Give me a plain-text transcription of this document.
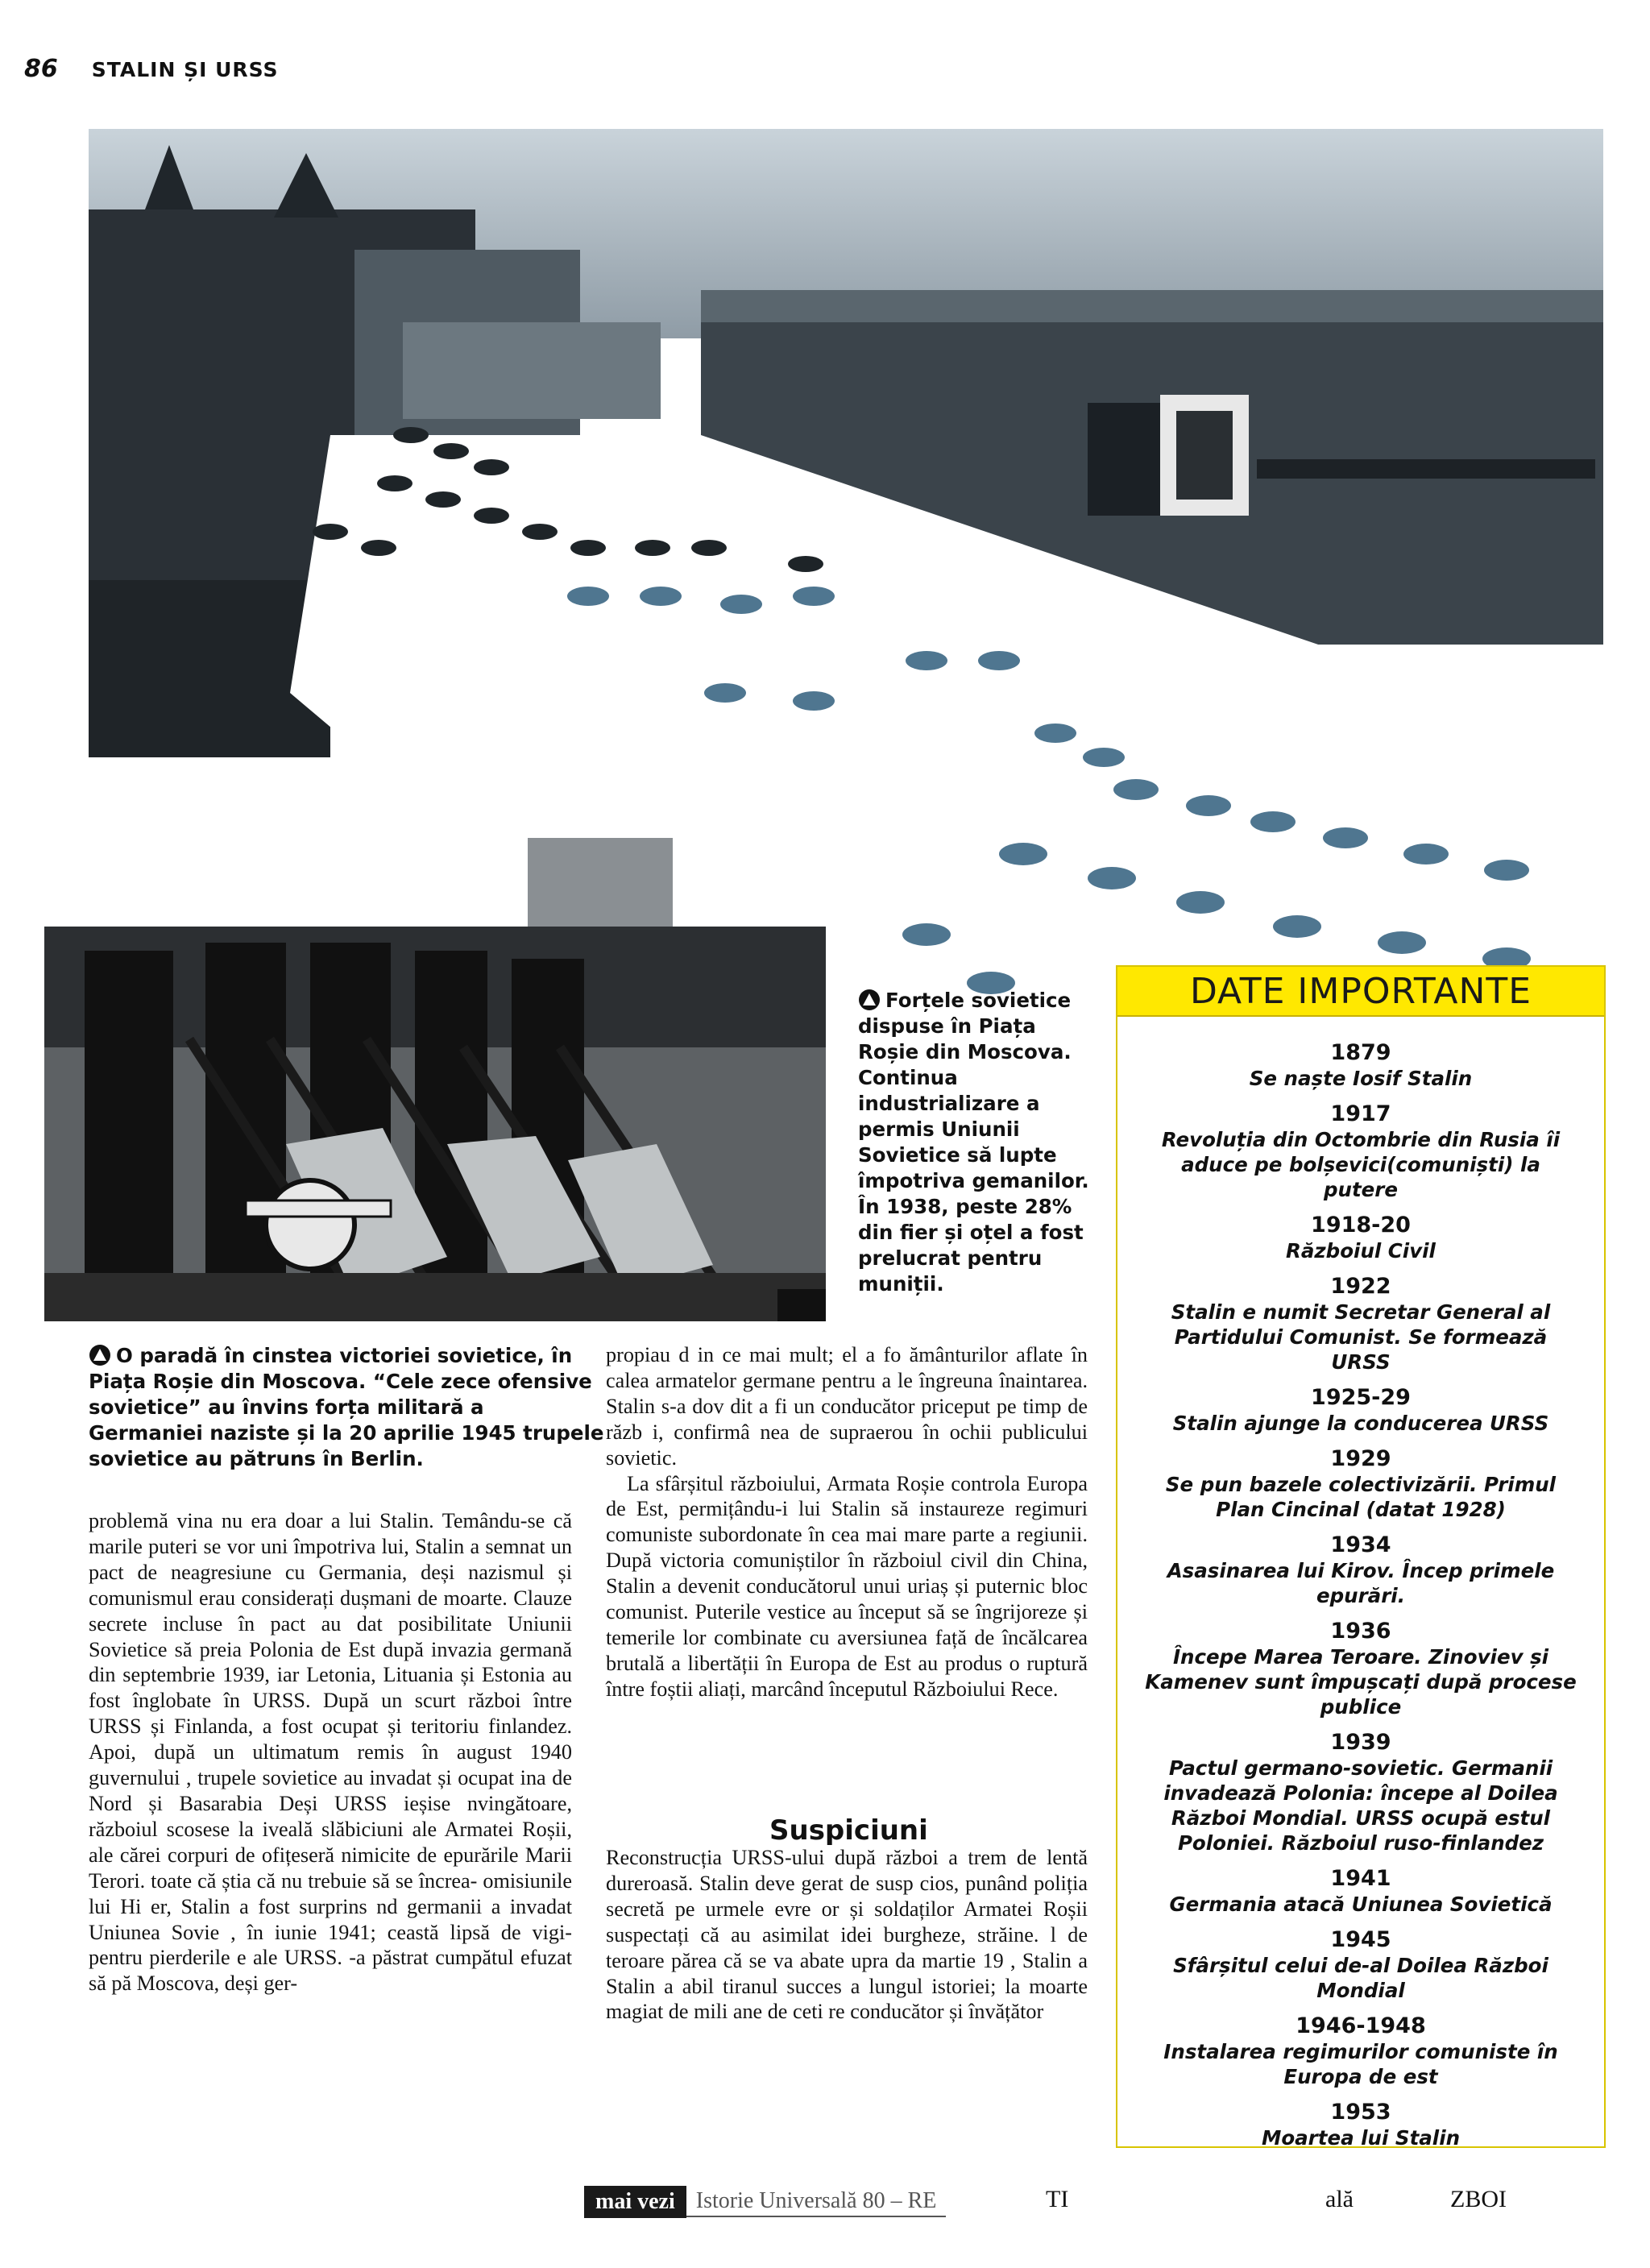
86 STALIN ȘI URSS
Forțele sovietice dispuse în Piața Roșie din Moscova. Continua industrializare a permis Uniunii Sovietice să lupte împotriva gemanilor. În 1938, peste 28% din fier și oțel a fost prelucrat pentru muniții.
O paradă în cinstea victoriei sovietice, în Piața Roșie din Moscova. “Cele zece ofensive sovietice” au învins forța militară a Germaniei naziste și la 20 aprilie 1945 trupele sovietice au pătruns în Berlin.

problemă vina nu era doar a lui Stalin. Temându-se că marile puteri se vor uni împotriva lui, Stalin a semnat un pact de neagresiune cu Germania, deși nazismul și comunismul erau considerați dușmani de moarte. Clauze secrete incluse în pact au dat posibilitate Uniunii Sovietice să preia Polonia de Est după invazia germană din septembrie 1939, iar Letonia, Lituania și Estonia au fost înglobate în URSS. După un scurt război între URSS și Finlanda, a fost ocupat și teritoriu finlandez. Apoi, după un ultimatum remis în august 1940 guvernului , trupele sovietice au invadat și ocupat ina de Nord și Basarabia Deși URSS ieșise nvingătoare, războiul scosese la iveală slăbiciuni ale Armatei Roșii, ale cărei corpuri de ofițeseră nimicite de epurările Marii Terori. toate că știa că nu trebuie să se încrea- omisiunile lui Hi er, Stalin a fost surprins nd germanii a invadat Uniunea Sovie , în iunie 1941; ceastă lipsă de vigi- pentru pierderile e ale URSS. -a păstrat cumpătul efuzat să pă Moscova, deși ger-

propiau d in ce mai mult; el a fo ământurilor aflate în calea armatelor germane pentru a le îngreuna înaintarea. Stalin s-a dov dit a fi un conducător priceput pe timp de răzb i, confirmâ nea de supraerou în ochii publicului sovietic.

La sfârșitul războiului, Armata Roșie controla Europa de Est, permițându-i lui Stalin să instaureze regimuri comuniste subordonate în cea mai mare parte a regiunii. După victoria comuniștilor în războiul civil din China, Stalin a devenit conducătorul unui uriaș și puternic bloc comunist. Puterile vestice au început să se îngrijoreze și temerile lor combinate cu aversiunea față de încălcarea brutală a libertății în Europa de Est au produs o ruptură între foștii aliați, marcând începutul Războiului Rece.

Suspiciuni

Reconstrucția URSS-ului după război a trem de lentă dureroasă. Stalin deve gerat de susp cios, punând poliția secretă pe urmele evre or și soldaților Armatei Roșii suspectați că au asimilat idei burgheze, străine. l de teroare părea că se va abate upra da martie 19 , Stalin a Stalin a abil tiranul succes a lungul istoriei; la moarte magiat de mili ane de ceti re conducător și învățător

DATE IMPORTANTE
1879
Se naște Iosif Stalin
1917
Revoluția din Octombrie din Rusia îi aduce pe bolșevici(comuniști) la putere
1918-20
Războiul Civil
1922
Stalin e numit Secretar General al Partidului Comunist. Se formează URSS
1925-29
Stalin ajunge la conducerea URSS
1929
Se pun bazele colectivizării. Primul Plan Cincinal (datat 1928)
1934
Asasinarea lui Kirov. Încep primele epurări.
1936
Începe Marea Teroare. Zinoviev și Kamenev sunt împușcați după procese publice
1939
Pactul germano-sovietic. Germanii invadează Polonia: începe al Doilea Război Mondial. URSS ocupă estul Poloniei. Războiul ruso-finlandez
1941
Germania atacă Uniunea Sovietică
1945
Sfârșitul celui de-al Doilea Război Mondial
1946-1948
Instalarea regimurilor comuniste în Europa de est
1953
Moartea lui Stalin
mai vezi Istorie Universală 80 – RE	TI	ală	ZBOI
